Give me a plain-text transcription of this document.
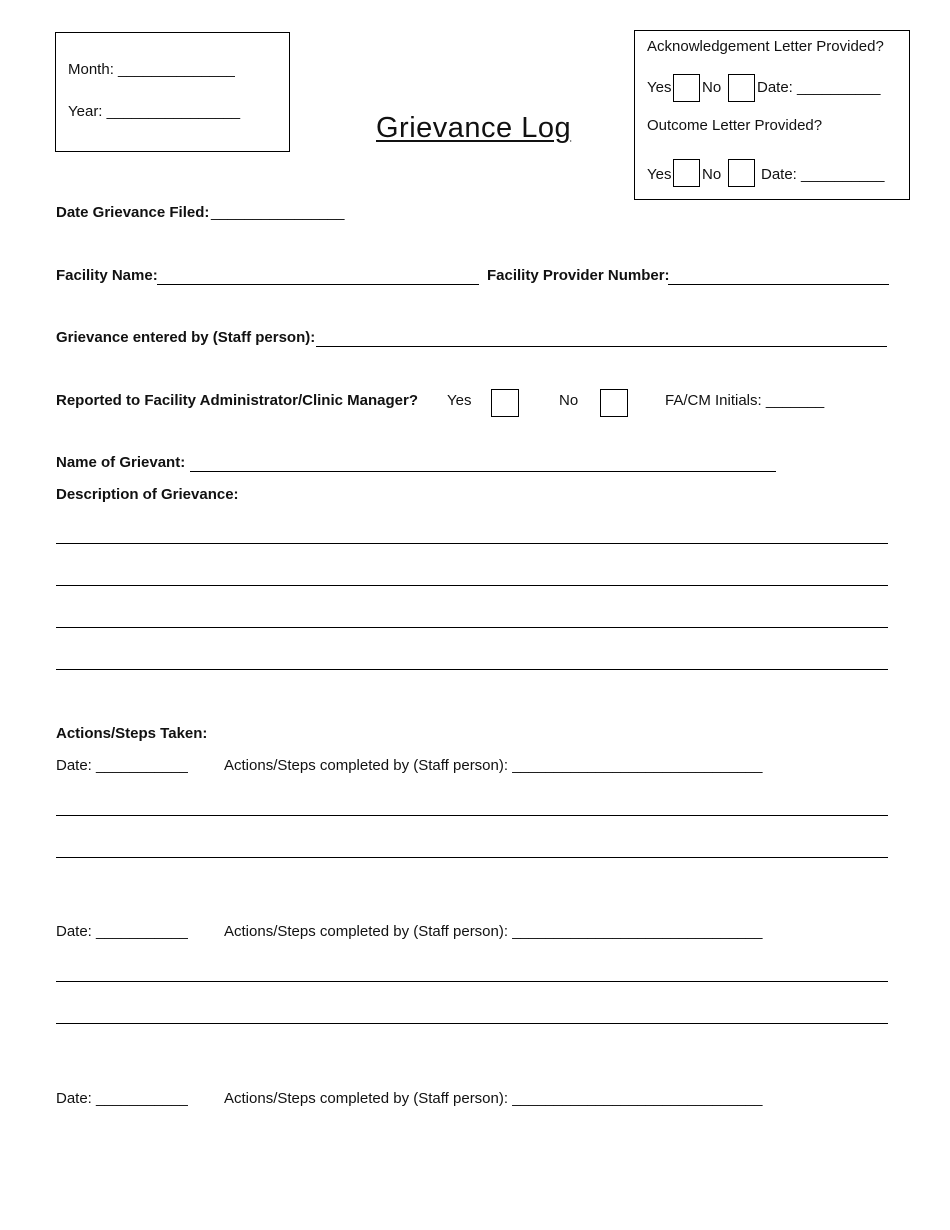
Month: ______________
Year: ________________
Grievance Log
Acknowledgement Letter Provided?
Yes No Date: __________
Outcome Letter Provided?
Yes No	Date: __________
Date Grievance Filed: ________________
Facility Name:	Facility Provider Number:
Grievance entered by (Staff person):
Reported to Facility Administrator/Clinic Manager? Yes	No	FA/CM Initials: _______
Name of Grievant:
Description of Grievance:
Actions/Steps Taken:
Date: ___________ Actions/Steps completed by (Staff person): ______________________________
Date: ___________ Actions/Steps completed by (Staff person): ______________________________
Date: ___________ Actions/Steps completed by (Staff person): ______________________________
